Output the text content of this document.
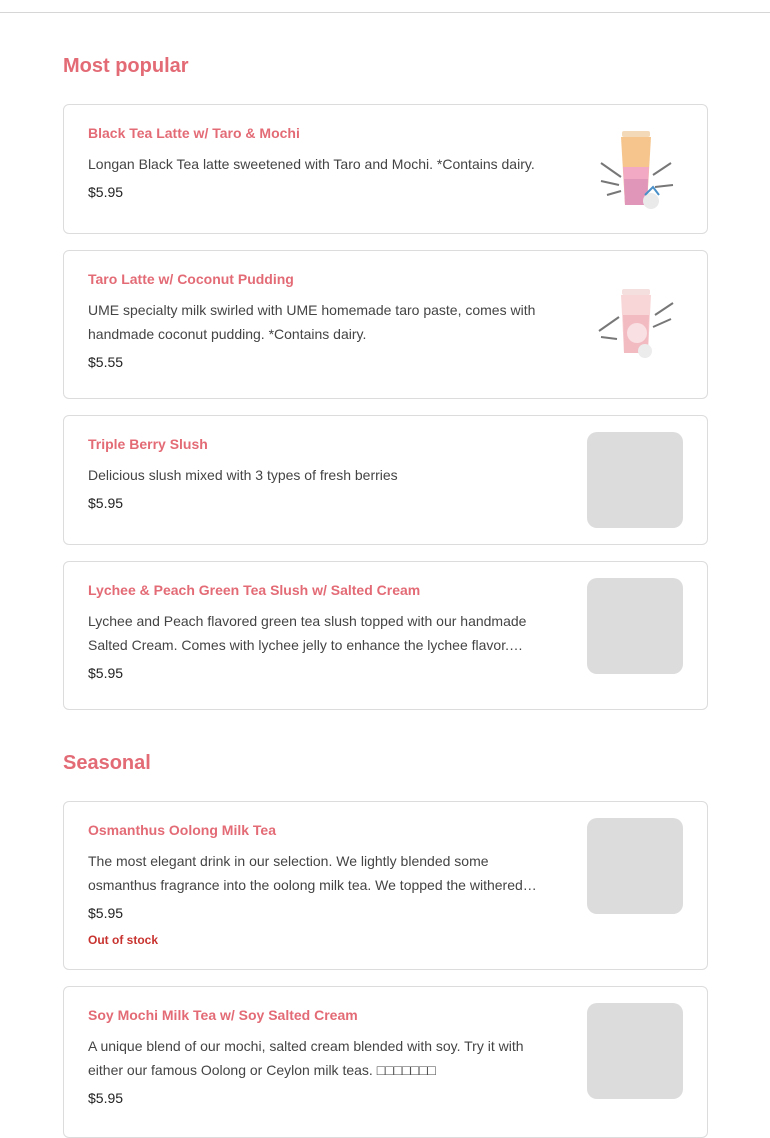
Most popular

Black Tea Latte w/ Taro & Mochi

Longan Black Tea latte sweetened with Taro and Mochi. *Contains dairy.
$5.95

Taro Latte w/ Coconut Pudding

UME specialty milk swirled with UME homemade taro paste, comes with handmade coconut pudding. *Contains dairy.
$5.55

Triple Berry Slush

Delicious slush mixed with 3 types of fresh berries
$5.95

Lychee & Peach Green Tea Slush w/ Salted Cream

Lychee and Peach flavored green tea slush topped with our handmade Salted Cream. Comes with lychee jelly to enhance the lychee flavor.…
$5.95
Seasonal

Osmanthus Oolong Milk Tea

The most elegant drink in our selection. We lightly blended some osmanthus fragrance into the oolong milk tea. We topped the withered…
$5.95
Out of stock

Soy Mochi Milk Tea w/ Soy Salted Cream

A unique blend of our mochi, salted cream blended with soy. Try it with either our famous Oolong or Ceylon milk teas. □□□□□□□
$5.95
